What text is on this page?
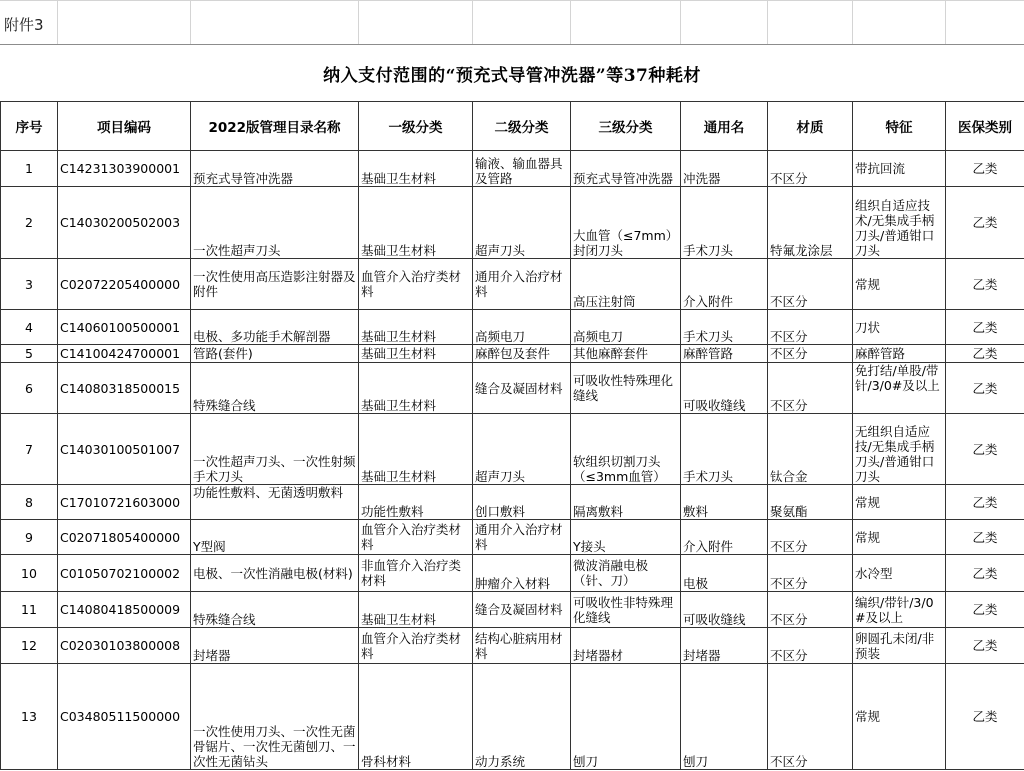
附件3
纳入支付范围的“预充式导管冲洗器”等37种耗材
序号	项目编码	2022版管理目录名称	一级分类	二级分类	三级分类	通用名	材质	特征	医保类别
1	C14231303900001	预充式导管冲洗器	基础卫生材料	输液、输血器具及管路	预充式导管冲洗器	冲洗器	不区分	带抗回流	乙类
2	C14030200502003	一次性超声刀头	基础卫生材料	超声刀头	大血管（≤7mm）封闭刀头	手术刀头	特氟龙涂层	组织自适应技术/无集成手柄刀头/普通钳口刀头	乙类
3	C02072205400000	一次性使用高压造影注射器及附件	血管介入治疗类材料	通用介入治疗材料	高压注射筒	介入附件	不区分	常规	乙类
4	C14060100500001	电极、多功能手术解剖器	基础卫生材料	高频电刀	高频电刀	手术刀头	不区分	刀状	乙类
5	C14100424700001	管路(套件)	基础卫生材料	麻醉包及套件	其他麻醉套件	麻醉管路	不区分	麻醉管路	乙类
6	C14080318500015	特殊缝合线	基础卫生材料	缝合及凝固材料	可吸收性特殊理化缝线	可吸收缝线	不区分	免打结/单股/带针/3/0#及以上	乙类
7	C14030100501007	一次性超声刀头、一次性射频手术刀头	基础卫生材料	超声刀头	软组织切割刀头（≤3mm血管）	手术刀头	钛合金	无组织自适应技/无集成手柄刀头/普通钳口刀头	乙类
8	C17010721603000	功能性敷料、无菌透明敷料	功能性敷料	创口敷料	隔离敷料	敷料	聚氨酯	常规	乙类
9	C02071805400000	Y型阀	血管介入治疗类材料	通用介入治疗材料	Y接头	介入附件	不区分	常规	乙类
10	C01050702100002	电极、一次性消融电极(材料)	非血管介入治疗类材料	肿瘤介入材料	微波消融电极（针、刀）	电极	不区分	水冷型	乙类
11	C14080418500009	特殊缝合线	基础卫生材料	缝合及凝固材料	可吸收性非特殊理化缝线	可吸收缝线	不区分	编织/带针/3/0#及以上	乙类
12	C02030103800008	封堵器	血管介入治疗类材料	结构心脏病用材料	封堵器材	封堵器	不区分	卵圆孔未闭/非预装	乙类
13	C03480511500000	一次性使用刀头、一次性无菌骨锯片、一次性无菌刨刀、一次性无菌钻头	骨科材料	动力系统	刨刀	刨刀	不区分	常规	乙类
